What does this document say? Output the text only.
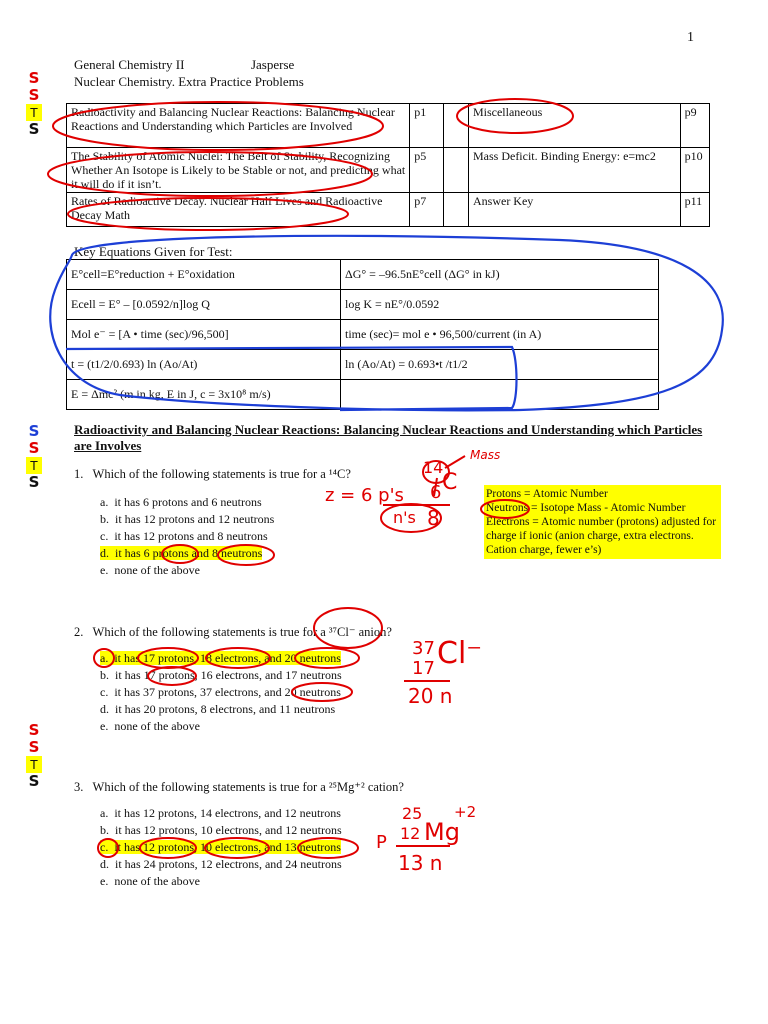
1
General Chemistry II	Jasperse
Nuclear Chemistry. Extra Practice Problems
S
S
T
S
Radioactivity and Balancing Nuclear Reactions: Balancing Nuclear Reactions and Understanding which Particles are Involved	p1		Miscellaneous	p9
The Stability of Atomic Nuclei: The Belt of Stability, Recognizing Whether An Isotope is Likely to be Stable or not, and predicting what it will do if it isn’t.	p5		Mass Deficit. Binding Energy: e=mc2	p10
Rates of Radioactive Decay. Nuclear Half Lives and Radioactive Decay Math	p7		Answer Key	p11
Key Equations Given for Test:
E°cell=E°reduction + E°oxidation	ΔG° = –96.5nE°cell (ΔG° in kJ)
Ecell = E° – [0.0592/n]log Q	log K = nE°/0.0592
Mol e⁻ = [A • time (sec)/96,500]	time (sec)= mol e • 96,500/current (in A)
t = (t1/2/0.693) ln (Ao/At)	ln (Ao/At) = 0.693•t /t1/2
E = Δmc² (m in kg, E in J, c = 3x10⁸ m/s)	
S
S
T
S
Radioactivity and Balancing Nuclear Reactions: Balancing Nuclear Reactions and Understanding which Particles are Involves
1. Which of the following statements is true for a ¹⁴C?
a. it has 6 protons and 6 neutrons
b. it has 12 protons and 12 neutrons
c. it has 12 protons and 8 neutrons
d. it has 6 protons and 8 neutrons
e. none of the above
Protons = Atomic Number
Neutrons = Isotope Mass - Atomic Number
Electrons = Atomic number (protons) adjusted for charge if ionic (anion charge, extra electrons. Cation charge, fewer e’s)
2. Which of the following statements is true for a ³⁷Cl⁻ anion?
a. it has 17 protons, 18 electrons, and 20 neutrons
b. it has 17 protons, 16 electrons, and 17 neutrons
c. it has 37 protons, 37 electrons, and 20 neutrons
d. it has 20 protons, 8 electrons, and 11 neutrons
e. none of the above
S
S
T
S	3. Which of the following statements is true for a ²⁵Mg⁺² cation?
a. it has 12 protons, 14 electrons, and 12 neutrons
b. it has 12 protons, 10 electrons, and 12 neutrons
c. it has 12 protons, 10 electrons, and 13 neutrons
d. it has 24 protons, 12 electrons, and 24 neutrons
e. none of the above
14
Mass
C
z = 6 p's 6
n's 8
37
17 Cl⁻
20 n
25
12 Mg
+2
P
13 n
